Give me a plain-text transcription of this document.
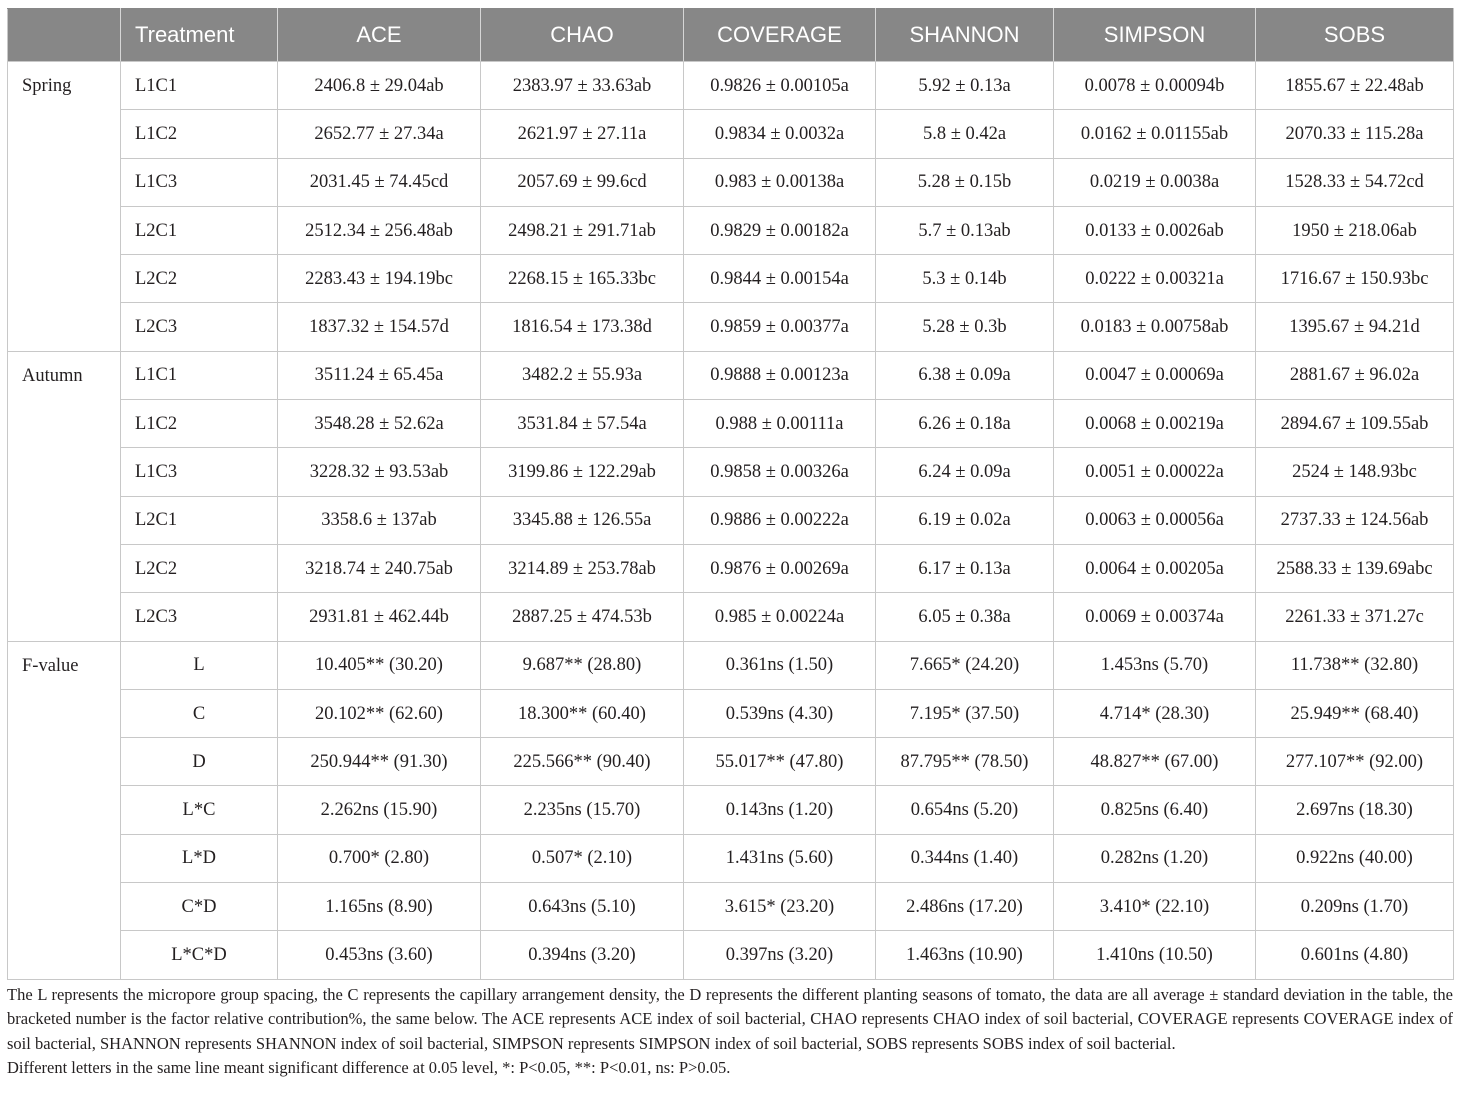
	Treatment	ACE	CHAO	COVERAGE	SHANNON	SIMPSON	SOBS
Spring	L1C1	2406.8 ± 29.04ab	2383.97 ± 33.63ab	0.9826 ± 0.00105a	5.92 ± 0.13a	0.0078 ± 0.00094b	1855.67 ± 22.48ab
	L1C2	2652.77 ± 27.34a	2621.97 ± 27.11a	0.9834 ± 0.0032a	5.8 ± 0.42a	0.0162 ± 0.01155ab	2070.33 ± 115.28a
	L1C3	2031.45 ± 74.45cd	2057.69 ± 99.6cd	0.983 ± 0.00138a	5.28 ± 0.15b	0.0219 ± 0.0038a	1528.33 ± 54.72cd
	L2C1	2512.34 ± 256.48ab	2498.21 ± 291.71ab	0.9829 ± 0.00182a	5.7 ± 0.13ab	0.0133 ± 0.0026ab	1950 ± 218.06ab
	L2C2	2283.43 ± 194.19bc	2268.15 ± 165.33bc	0.9844 ± 0.00154a	5.3 ± 0.14b	0.0222 ± 0.00321a	1716.67 ± 150.93bc
	L2C3	1837.32 ± 154.57d	1816.54 ± 173.38d	0.9859 ± 0.00377a	5.28 ± 0.3b	0.0183 ± 0.00758ab	1395.67 ± 94.21d
Autumn	L1C1	3511.24 ± 65.45a	3482.2 ± 55.93a	0.9888 ± 0.00123a	6.38 ± 0.09a	0.0047 ± 0.00069a	2881.67 ± 96.02a
	L1C2	3548.28 ± 52.62a	3531.84 ± 57.54a	0.988 ± 0.00111a	6.26 ± 0.18a	0.0068 ± 0.00219a	2894.67 ± 109.55ab
	L1C3	3228.32 ± 93.53ab	3199.86 ± 122.29ab	0.9858 ± 0.00326a	6.24 ± 0.09a	0.0051 ± 0.00022a	2524 ± 148.93bc
	L2C1	3358.6 ± 137ab	3345.88 ± 126.55a	0.9886 ± 0.00222a	6.19 ± 0.02a	0.0063 ± 0.00056a	2737.33 ± 124.56ab
	L2C2	3218.74 ± 240.75ab	3214.89 ± 253.78ab	0.9876 ± 0.00269a	6.17 ± 0.13a	0.0064 ± 0.00205a	2588.33 ± 139.69abc
	L2C3	2931.81 ± 462.44b	2887.25 ± 474.53b	0.985 ± 0.00224a	6.05 ± 0.38a	0.0069 ± 0.00374a	2261.33 ± 371.27c
F-value	L	10.405** (30.20)	9.687** (28.80)	0.361ns (1.50)	7.665* (24.20)	1.453ns (5.70)	11.738** (32.80)
	C	20.102** (62.60)	18.300** (60.40)	0.539ns (4.30)	7.195* (37.50)	4.714* (28.30)	25.949** (68.40)
	D	250.944** (91.30)	225.566** (90.40)	55.017** (47.80)	87.795** (78.50)	48.827** (67.00)	277.107** (92.00)
	L*C	2.262ns (15.90)	2.235ns (15.70)	0.143ns (1.20)	0.654ns (5.20)	0.825ns (6.40)	2.697ns (18.30)
	L*D	0.700* (2.80)	0.507* (2.10)	1.431ns (5.60)	0.344ns (1.40)	0.282ns (1.20)	0.922ns (40.00)
	C*D	1.165ns (8.90)	0.643ns (5.10)	3.615* (23.20)	2.486ns (17.20)	3.410* (22.10)	0.209ns (1.70)
	L*C*D	0.453ns (3.60)	0.394ns (3.20)	0.397ns (3.20)	1.463ns (10.90)	1.410ns (10.50)	0.601ns (4.80)

The L represents the micropore group spacing, the C represents the capillary arrangement density, the D represents the different planting seasons of tomato, the data are all average ± standard deviation in the table, the bracketed number is the factor relative contribution%, the same below. The ACE represents ACE index of soil bacterial, CHAO represents CHAO index of soil bacterial, COVERAGE represents COVERAGE index of soil bacterial, SHANNON represents SHANNON index of soil bacterial, SIMPSON represents SIMPSON index of soil bacterial, SOBS represents SOBS index of soil bacterial.

Different letters in the same line meant significant difference at 0.05 level, *: P<0.05, **: P<0.01, ns: P>0.05.
